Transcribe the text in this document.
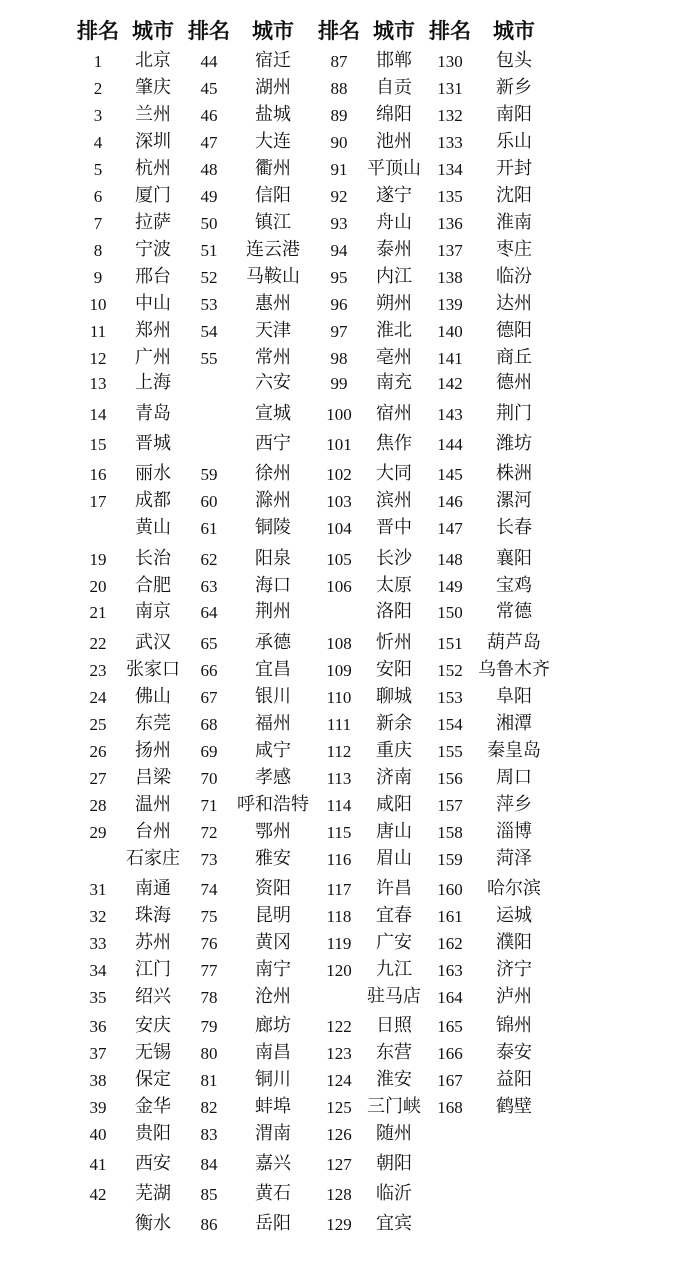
排名 城市 排名 城市 排名 城市 排名 城市
1 北京
2 肇庆
3 兰州
4 深圳
5 杭州
6 厦门
7 拉萨
8 宁波
9 邢台
10 中山
11 郑州
12 广州
13 上海
14 青岛
15 晋城
16 丽水
17 成都
黄山
19 长治
20 合肥
21 南京
22 武汉
23 张家口
24 佛山
25 东莞
26 扬州
27 吕梁
28 温州
29 台州
石家庄
31 南通
32 珠海
33 苏州
34 江门
35 绍兴
36 安庆
37 无锡
38 保定
39 金华
40 贵阳
41 西安
42 芜湖
衡水
44 宿迁
45 湖州
46 盐城
47 大连
48 衢州
49 信阳
50 镇江
51 连云港
52 马鞍山
53 惠州
54 天津
55 常州
六安
宣城
西宁
59 徐州
60 滁州
61 铜陵
62 阳泉
63 海口
64 荆州
65 承德
66 宜昌
67 银川
68 福州
69 咸宁
70 孝感
71 呼和浩特
72 鄂州
73 雅安
74 资阳
75 昆明
76 黄冈
77 南宁
78 沧州
79 廊坊
80 南昌
81 铜川
82 蚌埠
83 渭南
84 嘉兴
85 黄石
86 岳阳
87 邯郸
88 自贡
89 绵阳
90 池州
91 平顶山
92 遂宁
93 舟山
94 泰州
95 内江
96 朔州
97 淮北
98 亳州
99 南充
100 宿州
101 焦作
102 大同
103 滨州
104 晋中
105 长沙
106 太原
洛阳
108 忻州
109 安阳
110 聊城
111 新余
112 重庆
113 济南
114 咸阳
115 唐山
116 眉山
117 许昌
118 宜春
119 广安
120 九江
驻马店
122 日照
123 东营
124 淮安
125 三门峡
126 随州
127 朝阳
128 临沂
129 宜宾
130 包头
131 新乡
132 南阳
133 乐山
134 开封
135 沈阳
136 淮南
137 枣庄
138 临汾
139 达州
140 德阳
141 商丘
142 德州
143 荆门
144 潍坊
145 株洲
146 漯河
147 长春
148 襄阳
149 宝鸡
150 常德
151 葫芦岛
152 乌鲁木齐
153 阜阳
154 湘潭
155 秦皇岛
156 周口
157 萍乡
158 淄博
159 菏泽
160 哈尔滨
161 运城
162 濮阳
163 济宁
164 泸州
165 锦州
166 泰安
167 益阳
168 鹤壁
